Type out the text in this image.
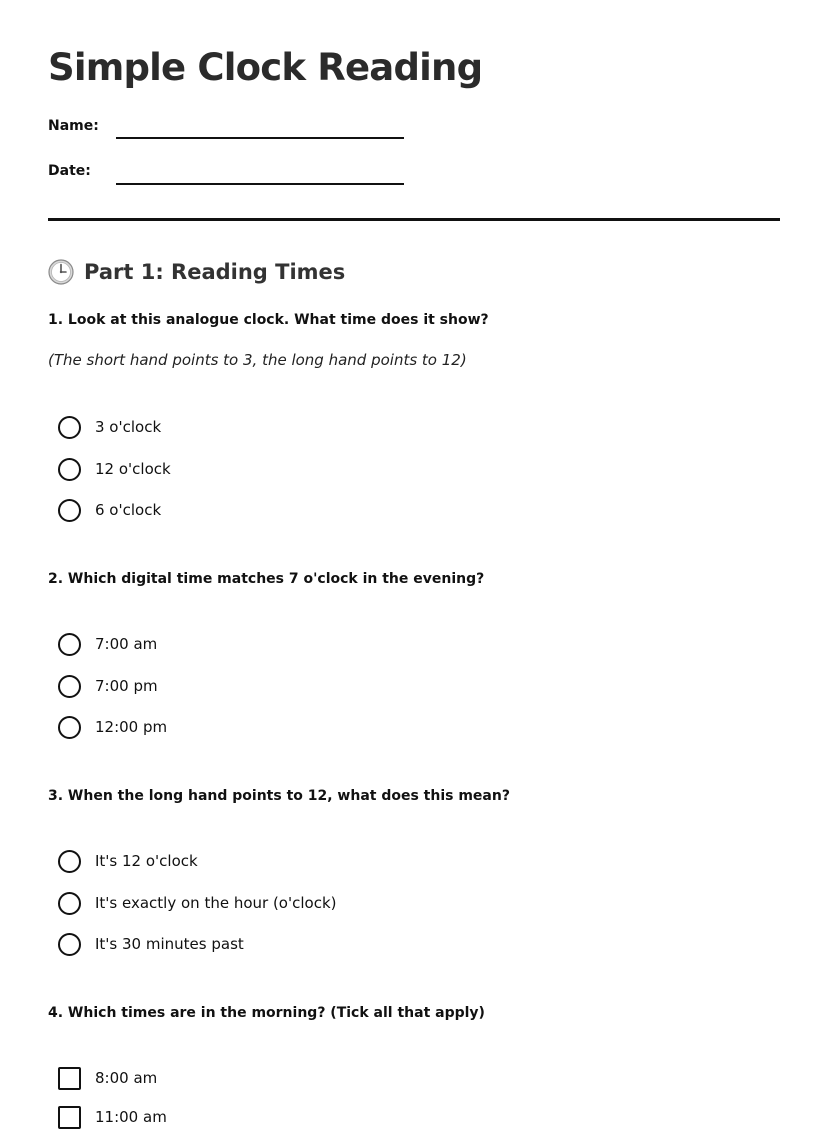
Simple Clock Reading
Name:
Date:
Part 1: Reading Times
1. Look at this analogue clock. What time does it show?
(The short hand points to 3, the long hand points to 12)
3 o'clock
12 o'clock
6 o'clock
2. Which digital time matches 7 o'clock in the evening?
7:00 am
7:00 pm
12:00 pm
3. When the long hand points to 12, what does this mean?
It's 12 o'clock
It's exactly on the hour (o'clock)
It's 30 minutes past
4. Which times are in the morning? (Tick all that apply)
8:00 am
11:00 am
